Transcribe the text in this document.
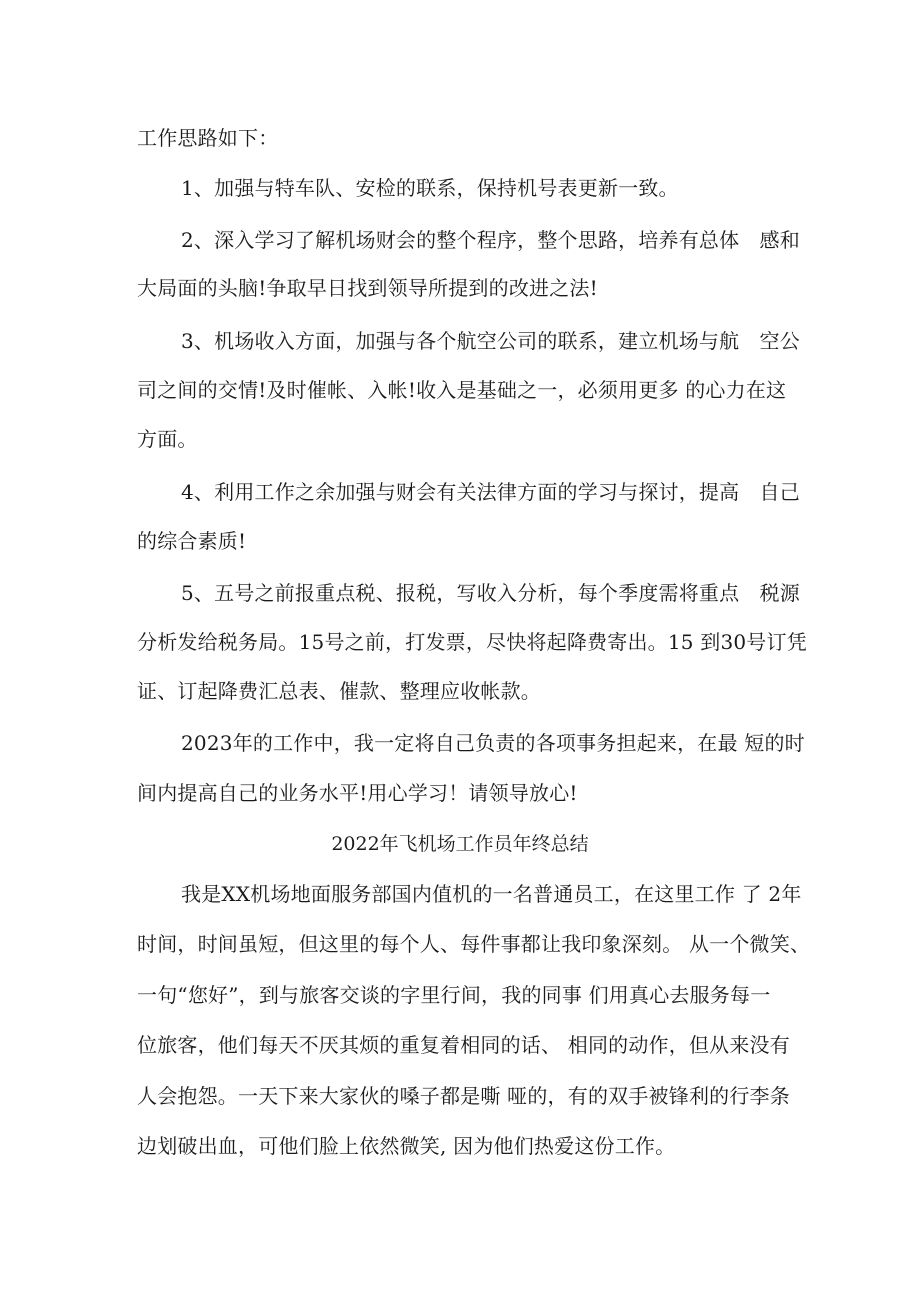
工作思路如下：
1、加强与特车队、安检的联系，保持机号表更新一致。
2、深入学习了解机场财会的整个程序，整个思路，培养有总体　感和
大局面的头脑!争取早日找到领导所提到的改进之法!
3、机场收入方面，加强与各个航空公司的联系，建立机场与航　空公
司之间的交情!及时催帐、入帐!收入是基础之一，必须用更多 的心力在这
方面。
4、利用工作之余加强与财会有关法律方面的学习与探讨，提高　自己
的综合素质!
5、五号之前报重点税、报税，写收入分析，每个季度需将重点　税源
分析发给税务局。15号之前，打发票，尽快将起降费寄出。15 到30号订凭
证、订起降费汇总表、催款、整理应收帐款。
2023年的工作中，我一定将自己负责的各项事务担起来，在最 短的时
间内提高自己的业务水平!用心学习！请领导放心!
2022年飞机场工作员年终总结
我是XX机场地面服务部国内值机的一名普通员工，在这里工作 了 2年
时间，时间虽短，但这里的每个人、每件事都让我印象深刻。 从一个微笑、
一句“您好”，到与旅客交谈的字里行间，我的同事 们用真心去服务每一
位旅客，他们每天不厌其烦的重复着相同的话、 相同的动作，但从来没有
人会抱怨。一天下来大家伙的嗓子都是嘶 哑的，有的双手被锋利的行李条
边划破出血，可他们脸上依然微笑, 因为他们热爱这份工作。
